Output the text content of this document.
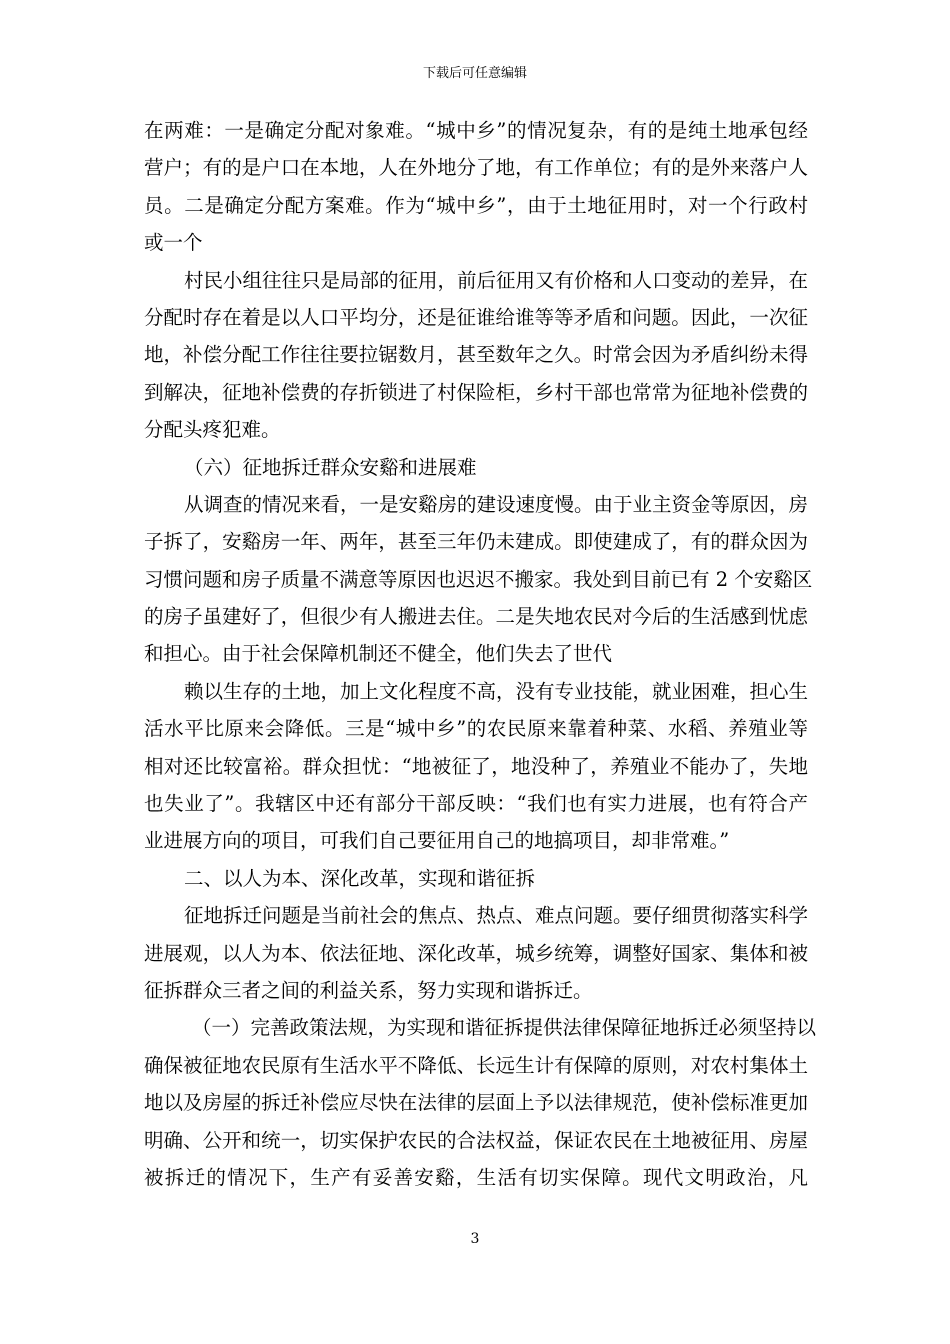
下载后可任意编辑
在两难：一是确定分配对象难。“城中乡”的情况复杂，有的是纯土地承包经
营户；有的是户口在本地，人在外地分了地，有工作单位；有的是外来落户人
员。二是确定分配方案难。作为“城中乡”，由于土地征用时，对一个行政村
或一个
村民小组往往只是局部的征用，前后征用又有价格和人口变动的差异，在
分配时存在着是以人口平均分，还是征谁给谁等等矛盾和问题。因此，一次征
地，补偿分配工作往往要拉锯数月，甚至数年之久。时常会因为矛盾纠纷未得
到解决，征地补偿费的存折锁进了村保险柜，乡村干部也常常为征地补偿费的
分配头疼犯难。
（六）征地拆迁群众安谿和进展难
从调查的情况来看，一是安谿房的建设速度慢。由于业主资金等原因，房
子拆了，安谿房一年、两年，甚至三年仍未建成。即使建成了，有的群众因为
习惯问题和房子质量不满意等原因也迟迟不搬家。我处到目前已有 2 个安谿区
的房子虽建好了，但很少有人搬进去住。二是失地农民对今后的生活感到忧虑
和担心。由于社会保障机制还不健全，他们失去了世代
赖以生存的土地，加上文化程度不高，没有专业技能，就业困难，担心生
活水平比原来会降低。三是“城中乡”的农民原来靠着种菜、水稻、养殖业等
相对还比较富裕。群众担忧：“地被征了，地没种了，养殖业不能办了，失地
也失业了”。我辖区中还有部分干部反映：“我们也有实力进展，也有符合产
业进展方向的项目，可我们自己要征用自己的地搞项目，却非常难。”
二、以人为本、深化改革，实现和谐征拆
征地拆迁问题是当前社会的焦点、热点、难点问题。要仔细贯彻落实科学
进展观，以人为本、依法征地、深化改革，城乡统筹，调整好国家、集体和被
征拆群众三者之间的利益关系，努力实现和谐拆迁。
（一）完善政策法规，为实现和谐征拆提供法律保障征地拆迁必须坚持以
确保被征地农民原有生活水平不降低、长远生计有保障的原则，对农村集体土
地以及房屋的拆迁补偿应尽快在法律的层面上予以法律规范，使补偿标准更加
明确、公开和统一，切实保护农民的合法权益，保证农民在土地被征用、房屋
被拆迁的情况下，生产有妥善安谿，生活有切实保障。现代文明政治，凡
3
